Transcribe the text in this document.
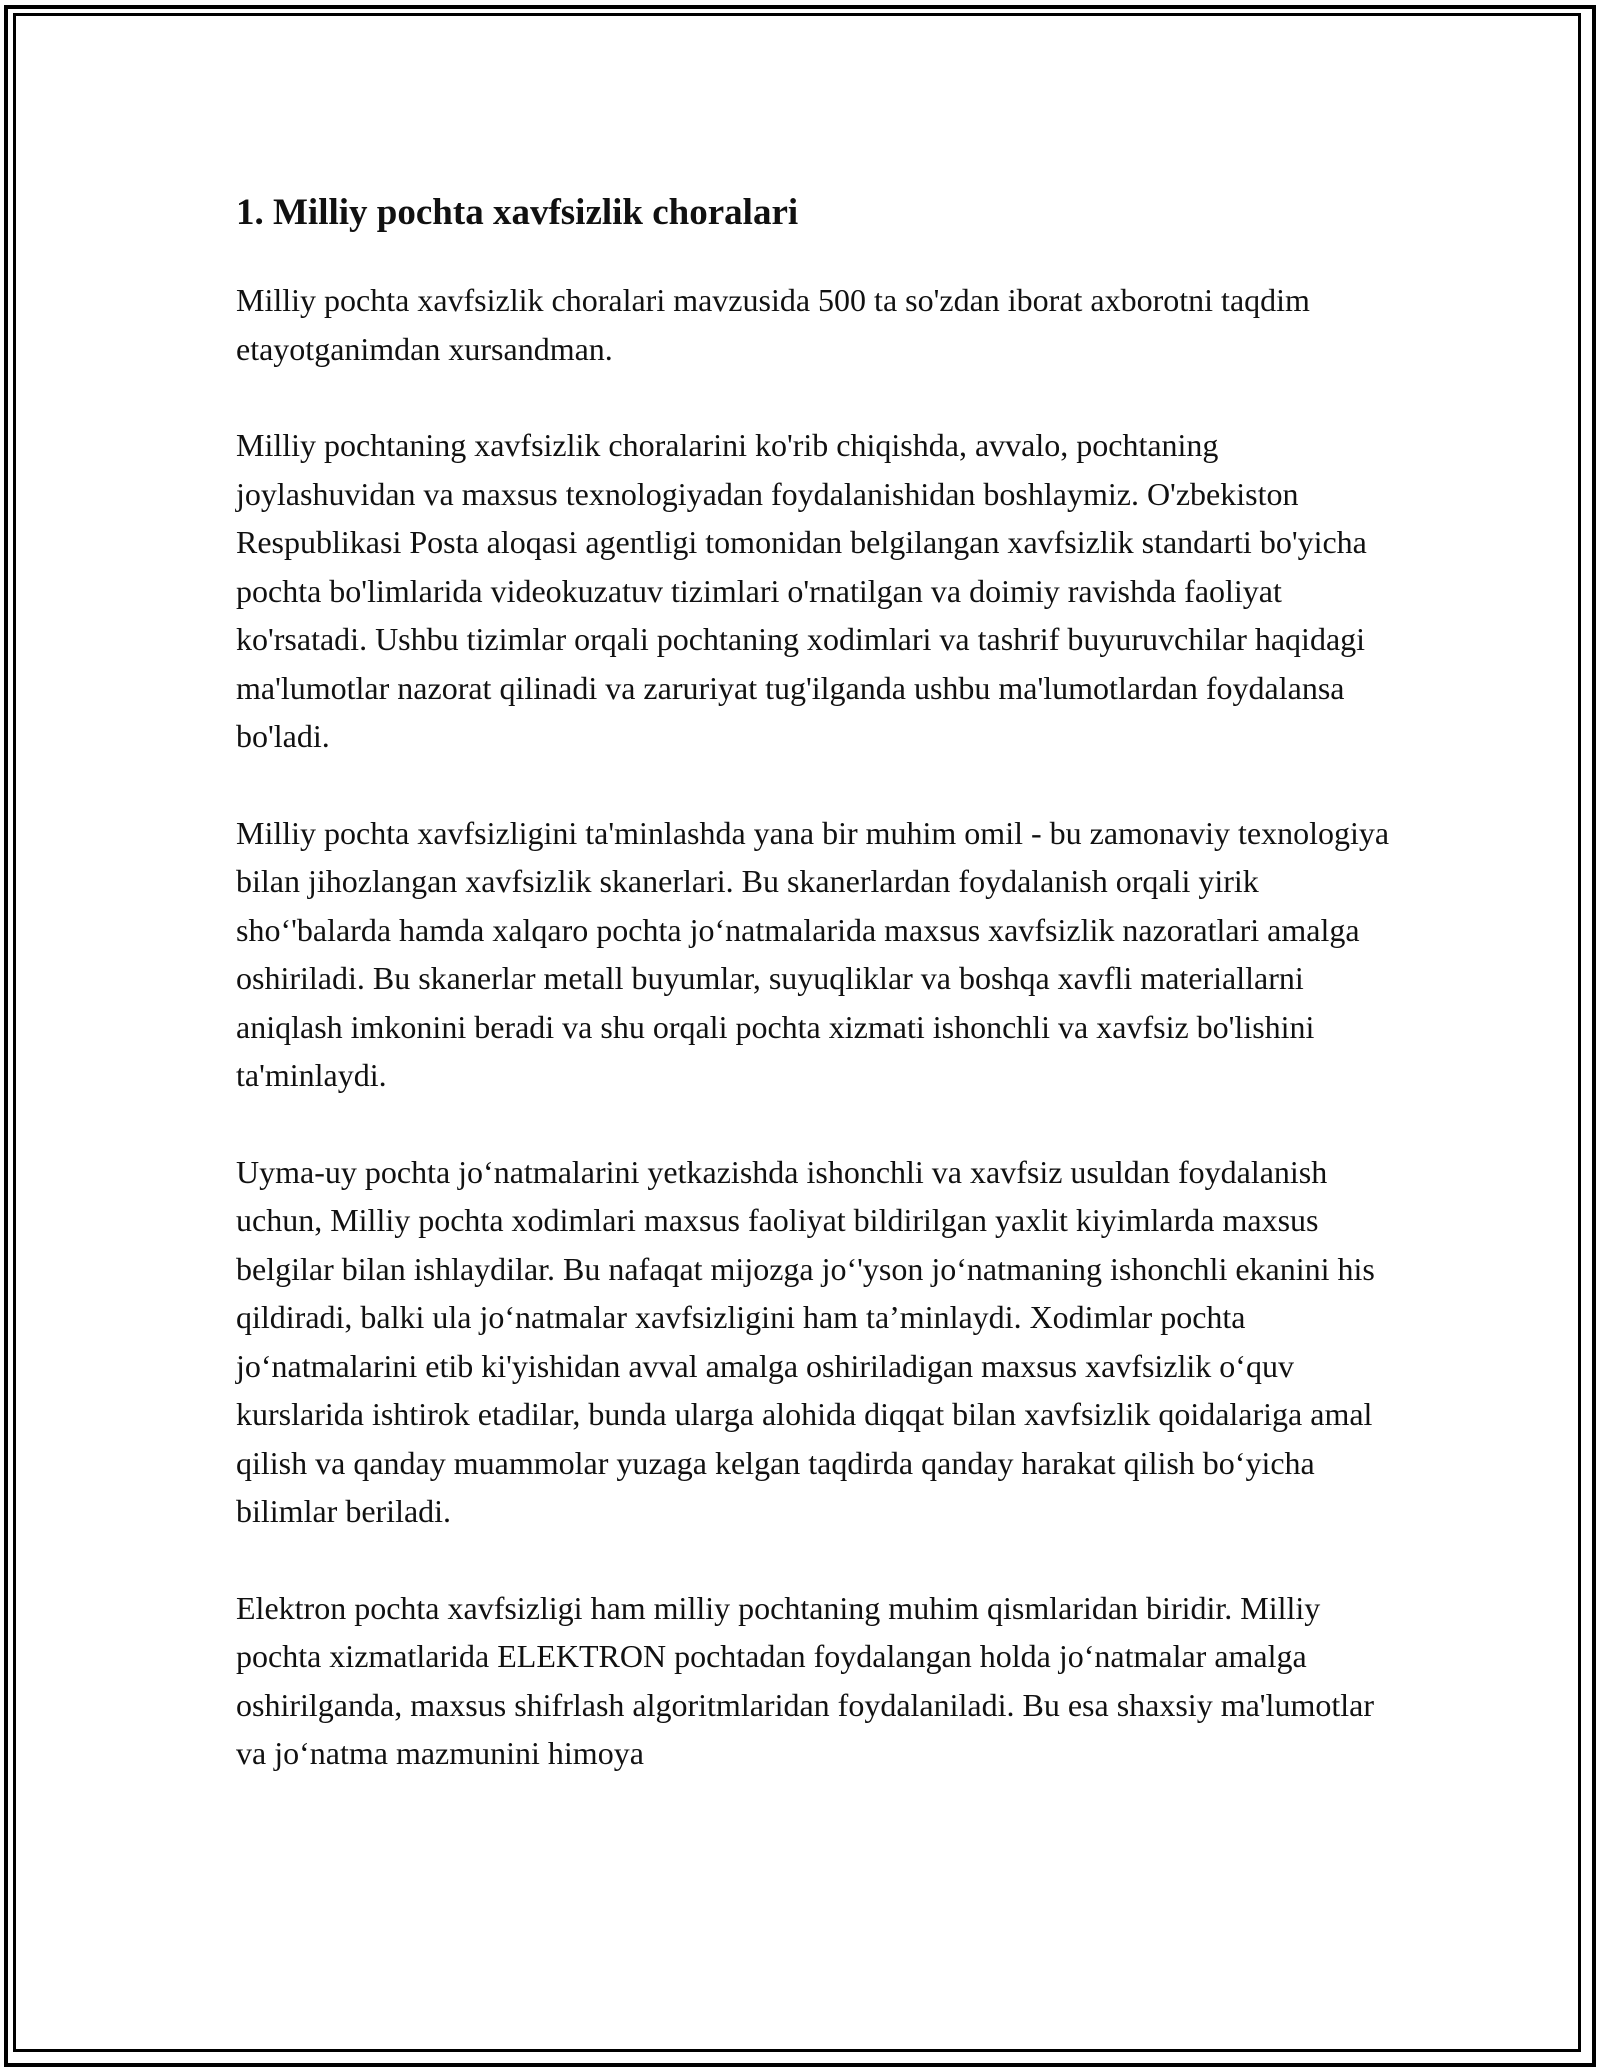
1. Milliy pochta xavfsizlik choralari

Milliy pochta xavfsizlik choralari mavzusida 500 ta so'zdan iborat axborotni taqdim etayotganimdan xursandman.

Milliy pochtaning xavfsizlik choralarini ko'rib chiqishda, avvalo, pochtaning joylashuvidan va maxsus texnologiyadan foydalanishidan boshlaymiz. O'zbekiston Respublikasi Posta aloqasi agentligi tomonidan belgilangan xavfsizlik standarti bo'yicha pochta bo'limlarida videokuzatuv tizimlari o'rnatilgan va doimiy ravishda faoliyat ko'rsatadi. Ushbu tizimlar orqali pochtaning xodimlari va tashrif buyuruvchilar haqidagi ma'lumotlar nazorat qilinadi va zaruriyat tug'ilganda ushbu ma'lumotlardan foydalansa bo'ladi.

Milliy pochta xavfsizligini ta'minlashda yana bir muhim omil - bu zamonaviy texnologiya bilan jihozlangan xavfsizlik skanerlari. Bu skanerlardan foydalanish orqali yirik sho‘'balarda hamda xalqaro pochta jo‘natmalarida maxsus xavfsizlik nazoratlari amalga oshiriladi. Bu skanerlar metall buyumlar, suyuqliklar va boshqa xavfli materiallarni aniqlash imkonini beradi va shu orqali pochta xizmati ishonchli va xavfsiz bo'lishini ta'minlaydi.

Uyma-uy pochta jo‘natmalarini yetkazishda ishonchli va xavfsiz usuldan foydalanish uchun, Milliy pochta xodimlari maxsus faoliyat bildirilgan yaxlit kiyimlarda maxsus belgilar bilan ishlaydilar. Bu nafaqat mijozga jo‘'yson jo‘natmaning ishonchli ekanini his qildiradi, balki ula jo‘natmalar xavfsizligini ham ta’minlaydi. Xodimlar pochta jo‘natmalarini etib ki'yishidan avval amalga oshiriladigan maxsus xavfsizlik o‘quv kurslarida ishtirok etadilar, bunda ularga alohida diqqat bilan xavfsizlik qoidalariga amal qilish va qanday muammolar yuzaga kelgan taqdirda qanday harakat qilish bo‘yicha bilimlar beriladi.

Elektron pochta xavfsizligi ham milliy pochtaning muhim qismlaridan biridir. Milliy pochta xizmatlarida ELEKTRON pochtadan foydalangan holda jo‘natmalar amalga oshirilganda, maxsus shifrlash algoritmlaridan foydalaniladi. Bu esa shaxsiy ma'lumotlar va jo‘natma mazmunini himoya
